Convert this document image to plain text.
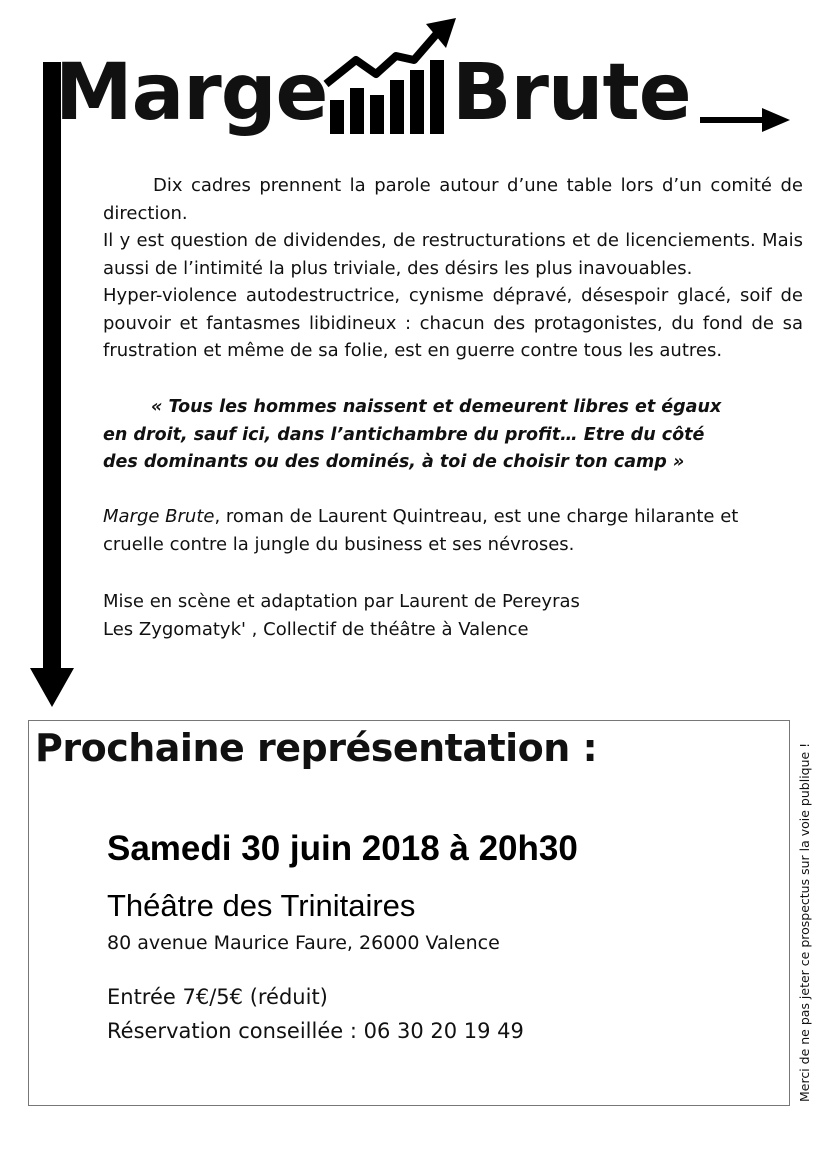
Marge Brute
Dix cadres prennent la parole autour d’une table lors d’un comité de direction.
Il y est question de dividendes, de restructurations et de licenciements. Mais aussi de l’intimité la plus triviale, des désirs les plus inavouables.
Hyper-violence autodestructrice, cynisme dépravé, désespoir glacé, soif de pouvoir et fantasmes libidineux : chacun des protagonistes, du fond de sa frustration et même de sa folie, est en guerre contre tous les autres.
« Tous les hommes naissent et demeurent libres et égaux en droit, sauf ici, dans l’antichambre du profit… Etre du côté des dominants ou des dominés, à toi de choisir ton camp »
Marge Brute, roman de Laurent Quintreau, est une charge hilarante et cruelle contre la jungle du business et ses névroses.
Mise en scène et adaptation par Laurent de Pereyras
Les Zygomatyk' , Collectif de théâtre à Valence
Prochaine représentation :
Samedi 30 juin 2018 à 20h30
Théâtre des Trinitaires
80 avenue Maurice Faure, 26000 Valence
Entrée 7€/5€ (réduit)
Réservation conseillée : 06 30 20 19 49	Merci de ne pas jeter ce prospectus sur la voie publique !
